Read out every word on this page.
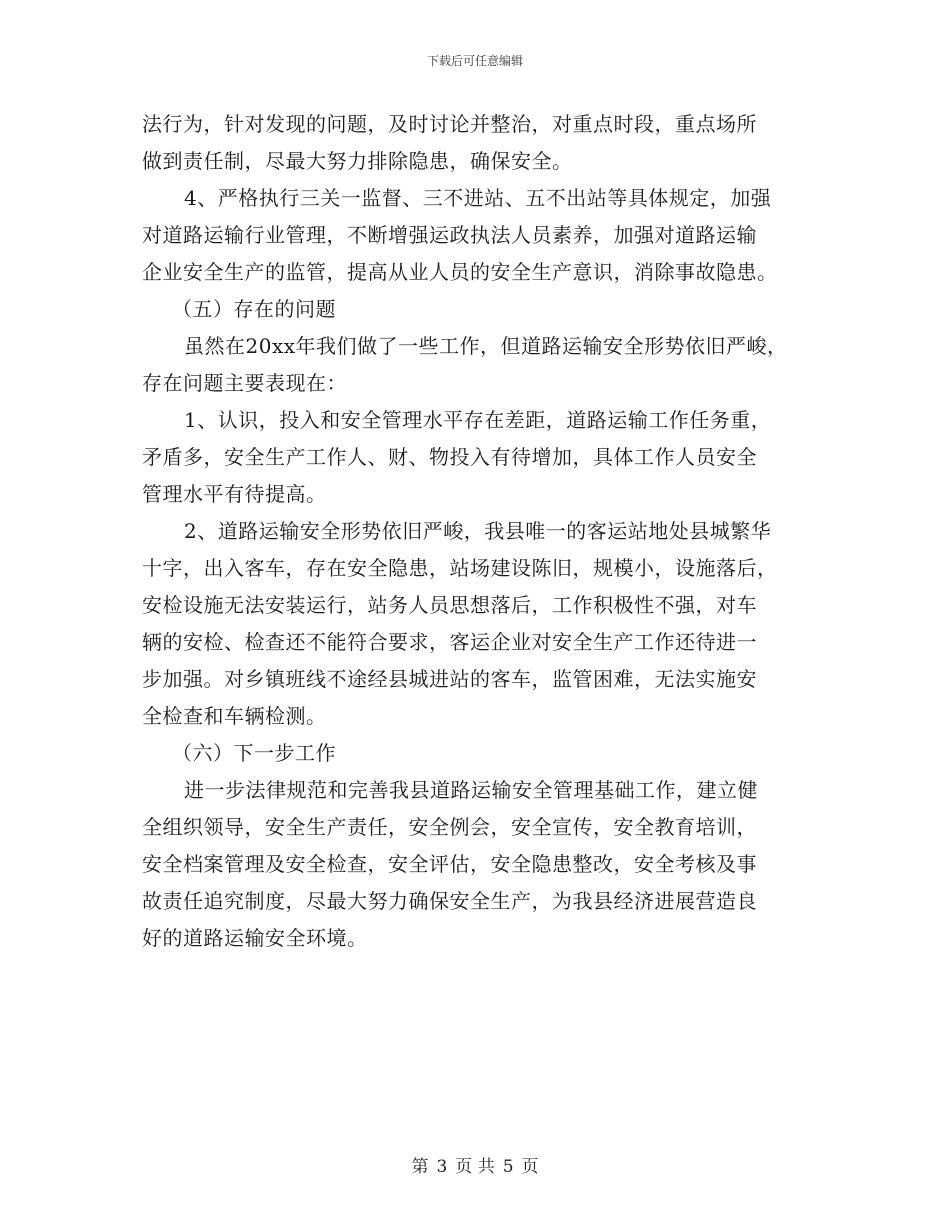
下载后可任意编辑
法行为，针对发现的问题，及时讨论并整治，对重点时段，重点场所
做到责任制，尽最大努力排除隐患，确保安全。
4、严格执行三关一监督、三不进站、五不出站等具体规定，加强
对道路运输行业管理，不断增强运政执法人员素养，加强对道路运输
企业安全生产的监管，提高从业人员的安全生产意识，消除事故隐患。
（五）存在的问题
虽然在20xx年我们做了一些工作，但道路运输安全形势依旧严峻，
存在问题主要表现在：
1、认识，投入和安全管理水平存在差距，道路运输工作任务重，
矛盾多，安全生产工作人、财、物投入有待增加，具体工作人员安全
管理水平有待提高。
2、道路运输安全形势依旧严峻，我县唯一的客运站地处县城繁华
十字，出入客车，存在安全隐患，站场建设陈旧，规模小，设施落后，
安检设施无法安装运行，站务人员思想落后，工作积极性不强，对车
辆的安检、检查还不能符合要求，客运企业对安全生产工作还待进一
步加强。对乡镇班线不途经县城进站的客车，监管困难，无法实施安
全检查和车辆检测。
（六）下一步工作
进一步法律规范和完善我县道路运输安全管理基础工作，建立健
全组织领导，安全生产责任，安全例会，安全宣传，安全教育培训，
安全档案管理及安全检查，安全评估，安全隐患整改，安全考核及事
故责任追究制度，尽最大努力确保安全生产，为我县经济进展营造良
好的道路运输安全环境。
第 3 页 共 5 页
